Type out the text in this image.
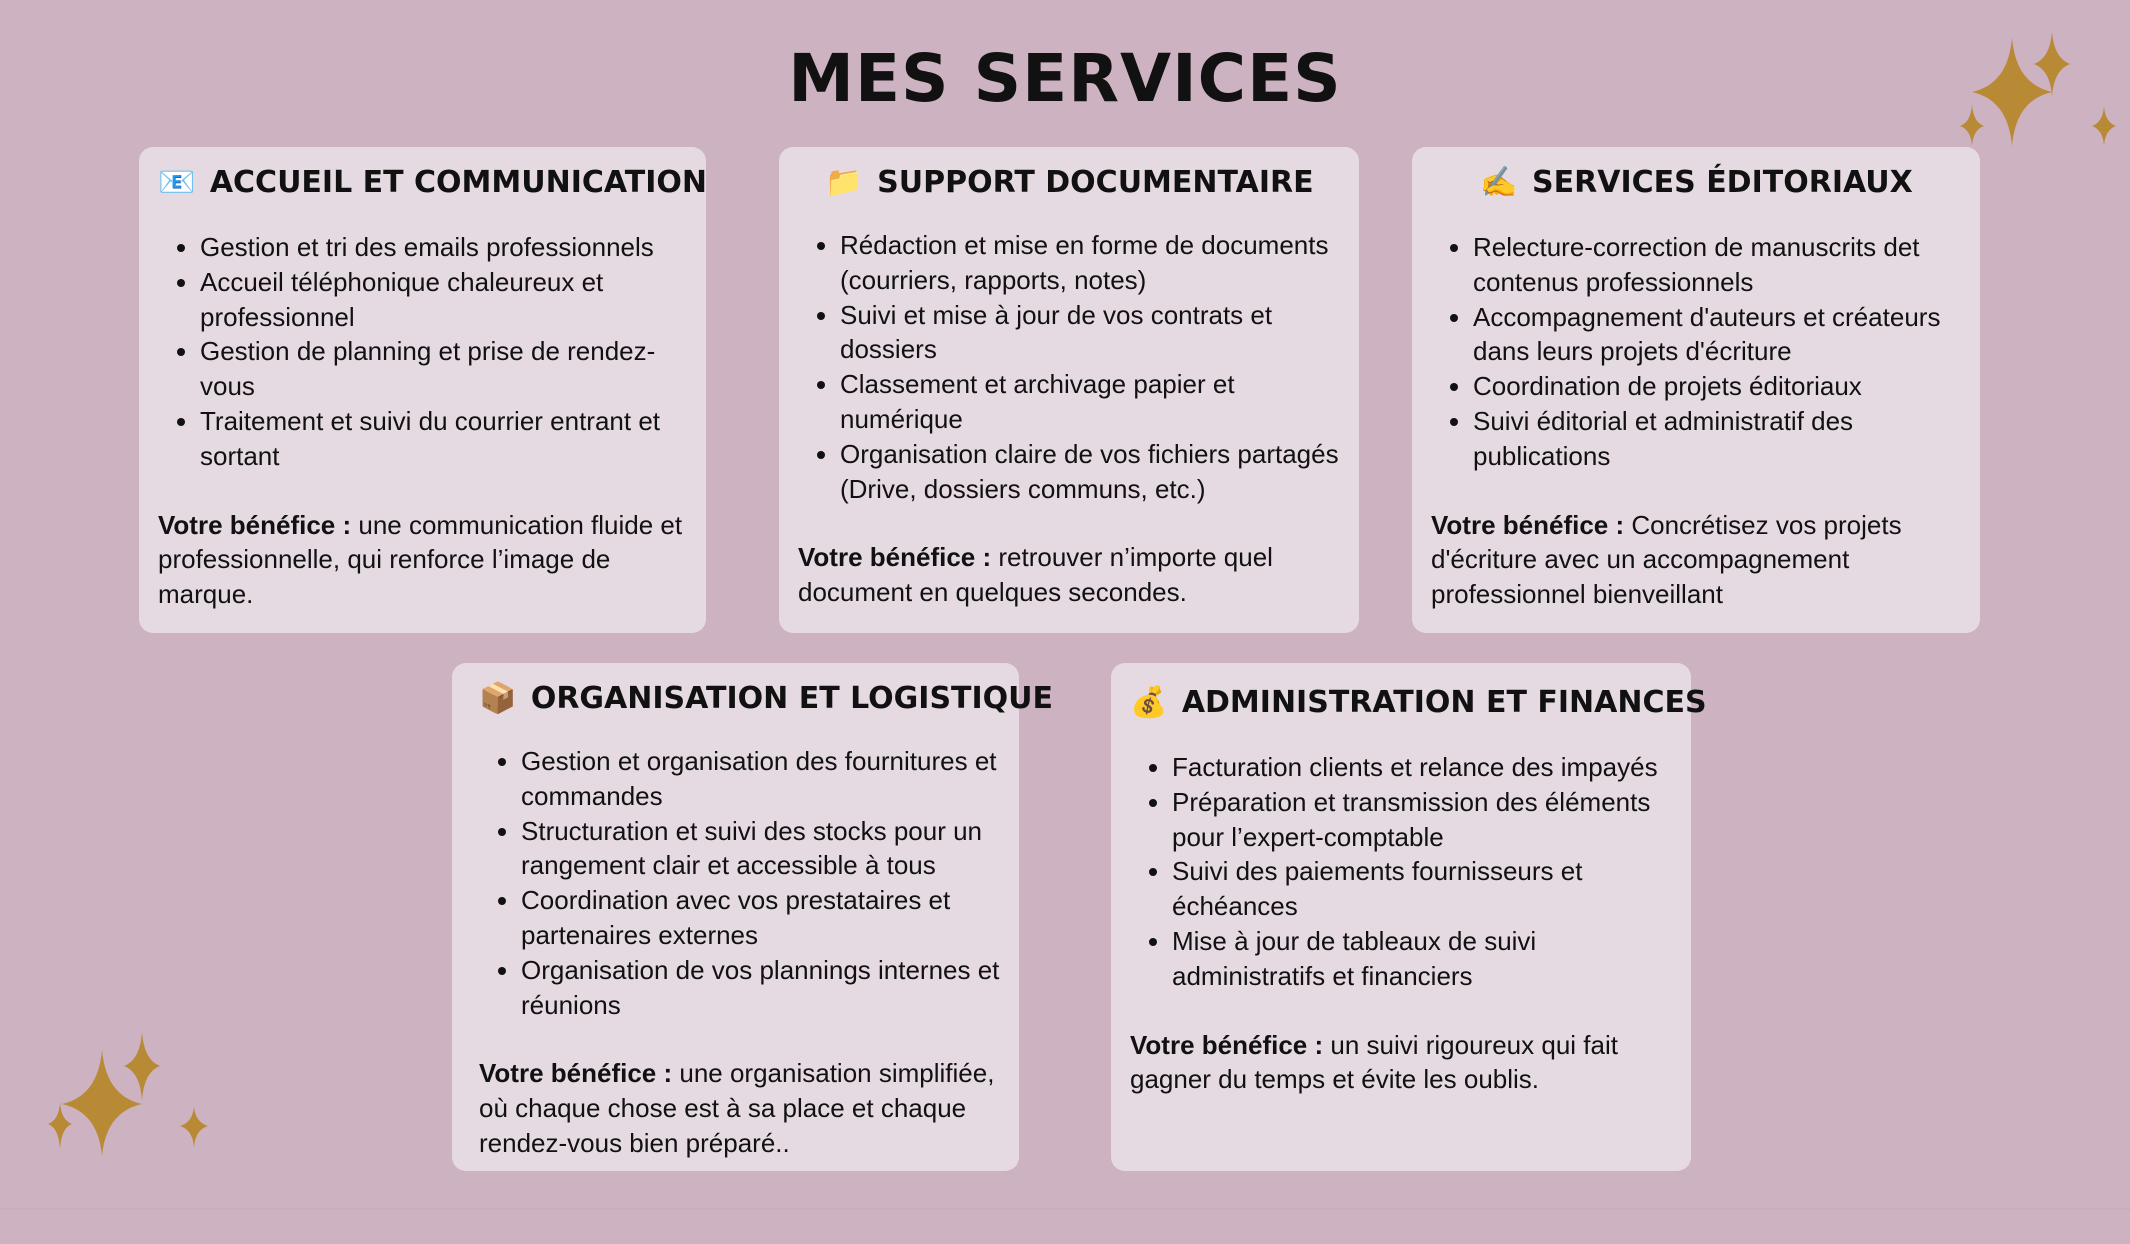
MES SERVICES
📧 ACCUEIL ET COMMUNICATION
• Gestion et tri des emails professionnels
• Accueil téléphonique chaleureux et professionnel
• Gestion de planning et prise de rendez-vous
• Traitement et suivi du courrier entrant et sortant
Votre bénéfice : une communication fluide et professionnelle, qui renforce l’image de marque.
📁 SUPPORT DOCUMENTAIRE
• Rédaction et mise en forme de documents (courriers, rapports, notes)
• Suivi et mise à jour de vos contrats et dossiers
• Classement et archivage papier et numérique
• Organisation claire de vos fichiers partagés (Drive, dossiers communs, etc.)
Votre bénéfice : retrouver n’importe quel document en quelques secondes.
✍️ SERVICES ÉDITORIAUX
• Relecture-correction de manuscrits det contenus professionnels
• Accompagnement d'auteurs et créateurs dans leurs projets d'écriture
• Coordination de projets éditoriaux
• Suivi éditorial et administratif des publications
Votre bénéfice : Concrétisez vos projets d'écriture avec un accompagnement professionnel bienveillant
📦 ORGANISATION ET LOGISTIQUE
• Gestion et organisation des fournitures et commandes
• Structuration et suivi des stocks pour un rangement clair et accessible à tous
• Coordination avec vos prestataires et partenaires externes
• Organisation de vos plannings internes et réunions
Votre bénéfice : une organisation simplifiée, où chaque chose est à sa place et chaque rendez-vous bien préparé..
💰 ADMINISTRATION ET FINANCES
• Facturation clients et relance des impayés
• Préparation et transmission des éléments pour l’expert-comptable
• Suivi des paiements fournisseurs et échéances
• Mise à jour de tableaux de suivi administratifs et financiers
Votre bénéfice : un suivi rigoureux qui fait gagner du temps et évite les oublis.
